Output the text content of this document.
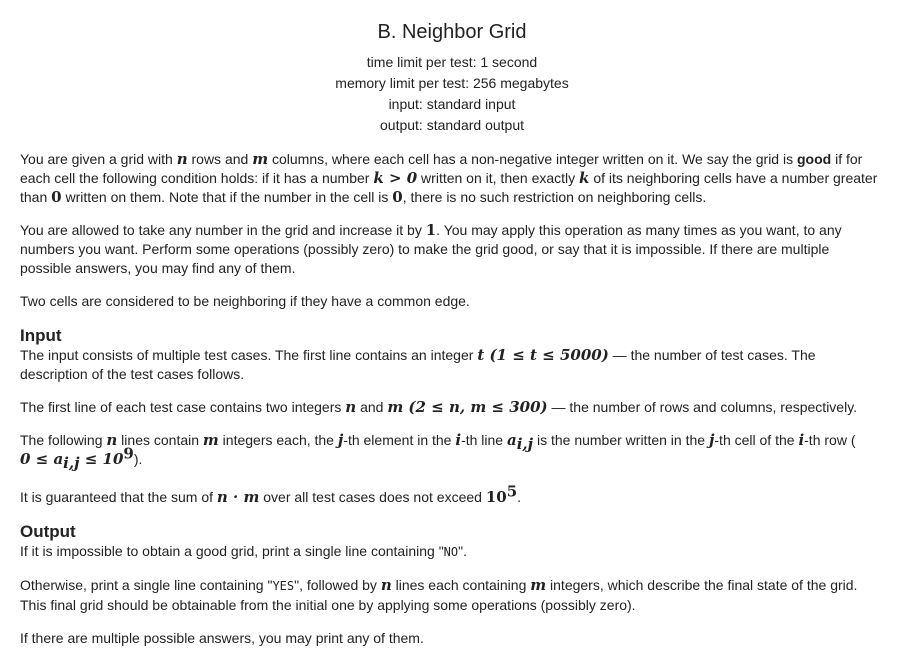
B. Neighbor Grid
time limit per test: 1 second
memory limit per test: 256 megabytes
input: standard input
output: standard output
You are given a grid with n rows and m columns, where each cell has a non-negative integer written on it. We say the grid is good if for each cell the following condition holds: if it has a number k > 0 written on it, then exactly k of its neighboring cells have a number greater than 0 written on them. Note that if the number in the cell is 0, there is no such restriction on neighboring cells.
You are allowed to take any number in the grid and increase it by 1. You may apply this operation as many times as you want, to any numbers you want. Perform some operations (possibly zero) to make the grid good, or say that it is impossible. If there are multiple possible answers, you may find any of them.
Two cells are considered to be neighboring if they have a common edge.
Input
The input consists of multiple test cases. The first line contains an integer t (1 ≤ t ≤ 5000) — the number of test cases. The description of the test cases follows.
The first line of each test case contains two integers n and m (2 ≤ n, m ≤ 300) — the number of rows and columns, respectively.
The following n lines contain m integers each, the j-th element in the i-th line $a_{i,j}$ is the number written in the j-th cell of the i-th row (
$0 \le a_{i,j} \le 10^9$).
It is guaranteed that the sum of n · m over all test cases does not exceed $10^5$.
Output
If it is impossible to obtain a good grid, print a single line containing "NO".
Otherwise, print a single line containing "YES", followed by n lines each containing m integers, which describe the final state of the grid. This final grid should be obtainable from the initial one by applying some operations (possibly zero).
If there are multiple possible answers, you may print any of them.
